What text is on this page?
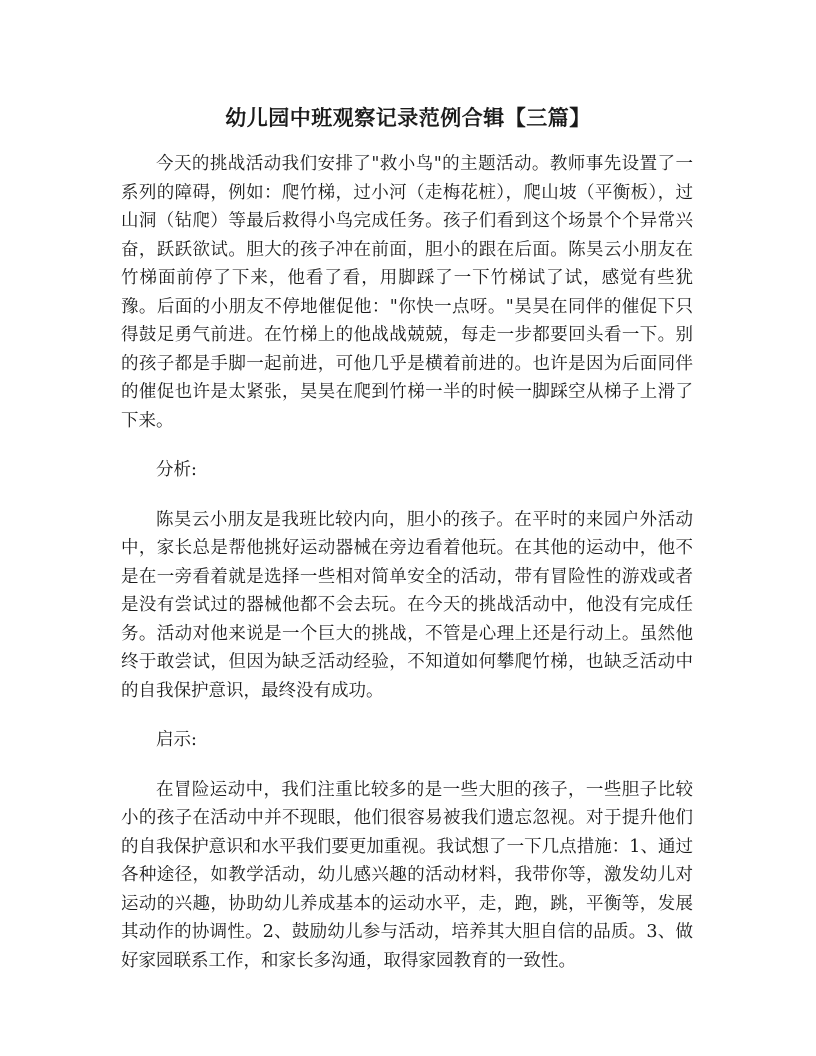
幼儿园中班观察记录范例合辑【三篇】

今天的挑战活动我们安排了"救小鸟"的主题活动。教师事先设置了一系列的障碍，例如：爬竹梯，过小河（走梅花桩），爬山坡（平衡板），过山洞（钻爬）等最后救得小鸟完成任务。孩子们看到这个场景个个异常兴奋，跃跃欲试。胆大的孩子冲在前面，胆小的跟在后面。陈昊云小朋友在竹梯面前停了下来，他看了看，用脚踩了一下竹梯试了试，感觉有些犹豫。后面的小朋友不停地催促他："你快一点呀。"昊昊在同伴的催促下只得鼓足勇气前进。在竹梯上的他战战兢兢，每走一步都要回头看一下。别的孩子都是手脚一起前进，可他几乎是横着前进的。也许是因为后面同伴的催促也许是太紧张，昊昊在爬到竹梯一半的时候一脚踩空从梯子上滑了下来。

分析:

陈昊云小朋友是我班比较内向，胆小的孩子。在平时的来园户外活动中，家长总是帮他挑好运动器械在旁边看着他玩。在其他的运动中，他不是在一旁看着就是选择一些相对简单安全的活动，带有冒险性的游戏或者是没有尝试过的器械他都不会去玩。在今天的挑战活动中，他没有完成任务。活动对他来说是一个巨大的挑战，不管是心理上还是行动上。虽然他终于敢尝试，但因为缺乏活动经验，不知道如何攀爬竹梯，也缺乏活动中的自我保护意识，最终没有成功。

启示:

在冒险运动中，我们注重比较多的是一些大胆的孩子，一些胆子比较小的孩子在活动中并不现眼，他们很容易被我们遗忘忽视。对于提升他们的自我保护意识和水平我们要更加重视。我试想了一下几点措施：1、通过各种途径，如教学活动，幼儿感兴趣的活动材料，我带你等，激发幼儿对运动的兴趣，协助幼儿养成基本的运动水平，走，跑，跳，平衡等，发展其动作的协调性。2、鼓励幼儿参与活动，培养其大胆自信的品质。3、做好家园联系工作，和家长多沟通，取得家园教育的一致性。
